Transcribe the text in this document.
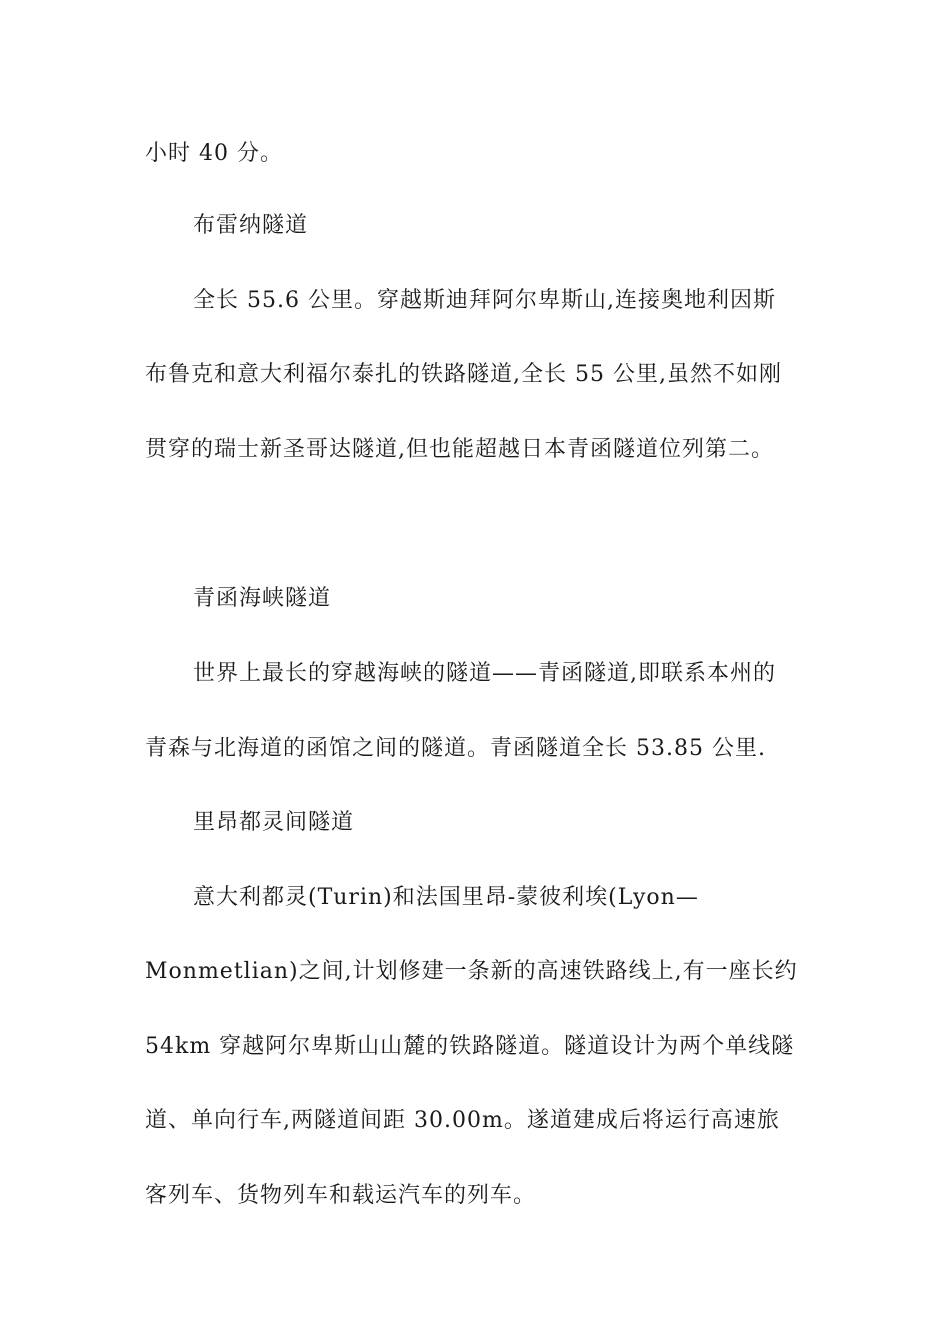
小时 40 分。
布雷纳隧道
全长 55.6 公里。穿越斯迪拜阿尔卑斯山,连接奥地利因斯
布鲁克和意大利福尔泰扎的铁路隧道,全长 55 公里,虽然不如刚
贯穿的瑞士新圣哥达隧道,但也能超越日本青函隧道位列第二。
青函海峡隧道
世界上最长的穿越海峡的隧道——青函隧道,即联系本州的
青森与北海道的函馆之间的隧道。青函隧道全长 53.85 公里.
里昂都灵间隧道
意大利都灵(Turin)和法国里昂-蒙彼利埃(Lyon—
Monmetlian)之间,计划修建一条新的高速铁路线上,有一座长约
54km 穿越阿尔卑斯山山麓的铁路隧道。隧道设计为两个单线隧
道、单向行车,两隧道间距 30.00m。遂道建成后将运行高速旅
客列车、货物列车和载运汽车的列车。
